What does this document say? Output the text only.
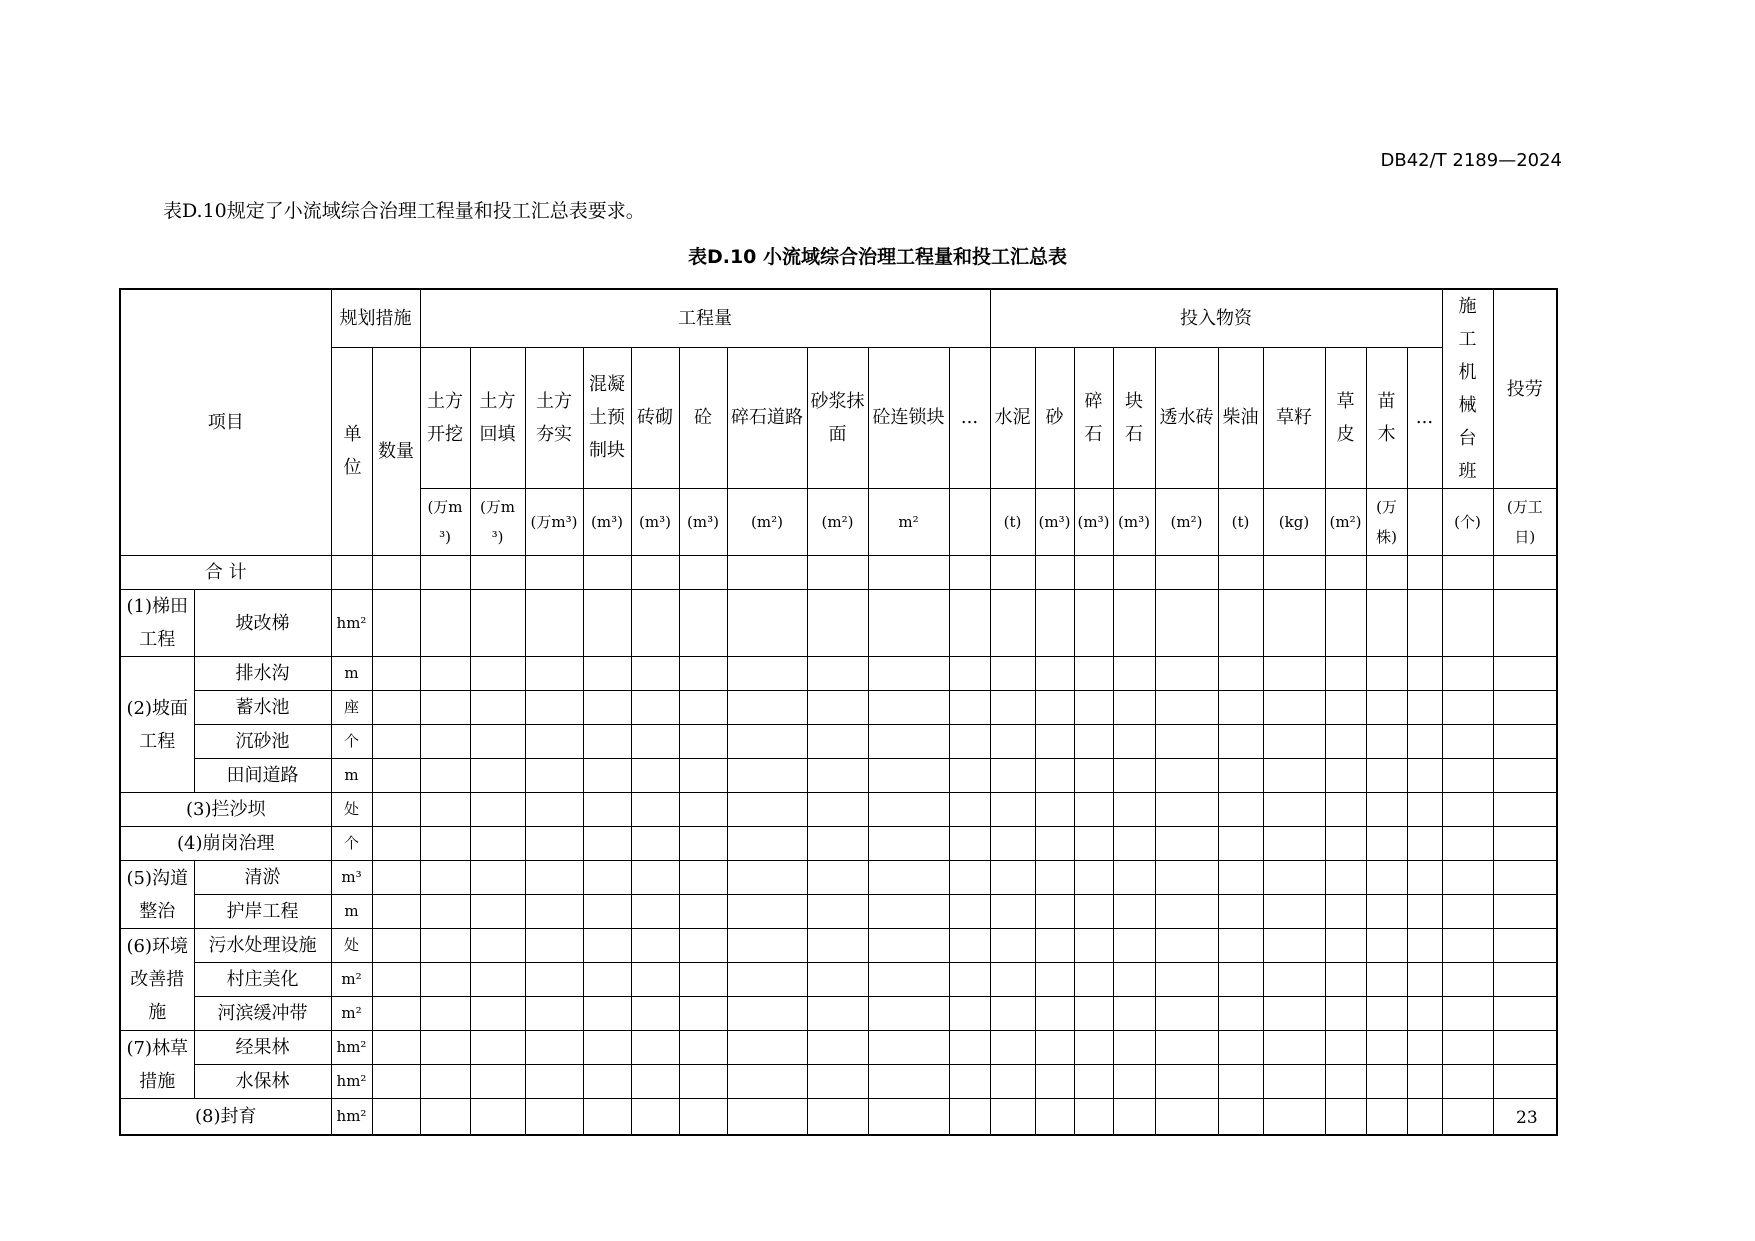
DB42/T 2189—2024
表D.10规定了小流域综合治理工程量和投工汇总表要求。
表D.10 小流域综合治理工程量和投工汇总表
项目		规划措施		工程量										投入物资										施工机械台班	投劳
		单位	数量	土方开挖	土方回填	土方夯实	混凝土预制块	砖砌	砼	碎石道路	砂浆抹面	砼连锁块	...	水泥	砂	碎石	块石	透水砖	柴油	草籽	草皮	苗木	...		
				(万m³)	(万m³)	(万m³)	(m³)	(m³)	(m³)	(m²)	(m²)	m²		(t)	(m³)	(m³)	(m³)	(m²)	(t)	(kg)	(m²)	(万株)		(个)	(万工日)
合 计																									
(1)梯田工程	坡改梯	hm²																							
(2)坡面工程	排水沟	m																							
	蓄水池	座																							
	沉砂池	个																							
	田间道路	m																							
(3)拦沙坝		处																							
(4)崩岗治理		个																							
(5)沟道整治	清淤	m³																							
	护岸工程	m																							
(6)环境改善措施	污水处理设施	处																							
	村庄美化	m²																							
	河滨缓冲带	m²																							
(7)林草措施	经果林	hm²																							
	水保林	hm²																							
(8)封育		hm²																								23
